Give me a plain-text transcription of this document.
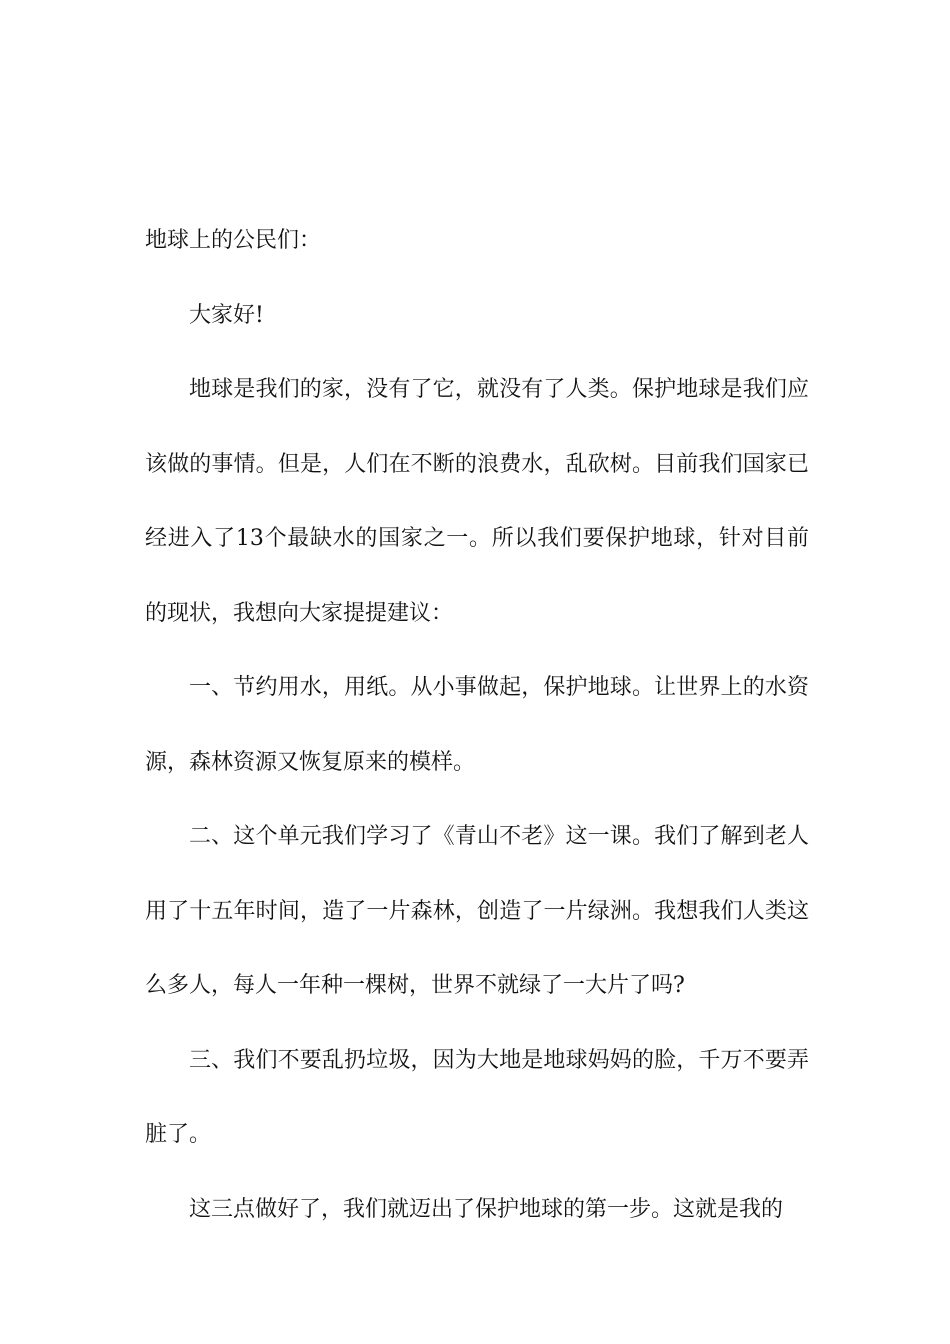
地球上的公民们：

大家好!

地球是我们的家，没有了它，就没有了人类。保护地球是我们应该做的事情。但是，人们在不断的浪费水，乱砍树。目前我们国家已经进入了13个最缺水的国家之一。所以我们要保护地球，针对目前的现状，我想向大家提提建议：

一、节约用水，用纸。从小事做起，保护地球。让世界上的水资源，森林资源又恢复原来的模样。

二、这个单元我们学习了《青山不老》这一课。我们了解到老人用了十五年时间，造了一片森林，创造了一片绿洲。我想我们人类这么多人，每人一年种一棵树，世界不就绿了一大片了吗?

三、我们不要乱扔垃圾，因为大地是地球妈妈的脸，千万不要弄脏了。

这三点做好了，我们就迈出了保护地球的第一步。这就是我的
